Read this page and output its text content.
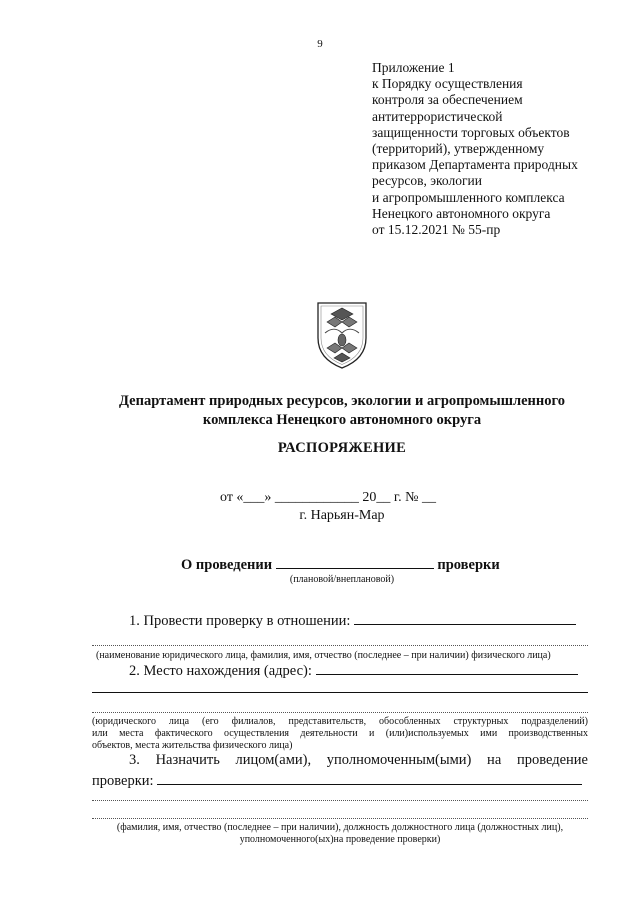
9
Приложение 1
к Порядку осуществления
контроля за обеспечением
антитеррористической
защищенности торговых объектов
(территорий), утвержденному
приказом Департамента природных
ресурсов, экологии
и агропромышленного комплекса
Ненецкого автономного округа
от 15.12.2021 № 55-пр
Департамент природных ресурсов, экологии и агропромышленного
комплекса Ненецкого автономного округа
РАСПОРЯЖЕНИЕ
от «___» ____________ 20__ г. № __
г. Нарьян-Мар
О проведении	проверки
(плановой/внеплановой)
1. Провести проверку в отношении:
(наименование юридического лица, фамилия, имя, отчество (последнее – при наличии) физического лица)
2. Место нахождения (адрес):
(юридического лица (его филиалов, представительств, обособленных структурных подразделений)
или места фактического осуществления деятельности и (или)используемых ими производственных
объектов, места жительства физического лица)
3. Назначить лицом(ами), уполномоченным(ыми) на проведение
проверки:
(фамилия, имя, отчество (последнее – при наличии), должность должностного лица (должностных лиц),
уполномоченного(ых)на проведение проверки)
